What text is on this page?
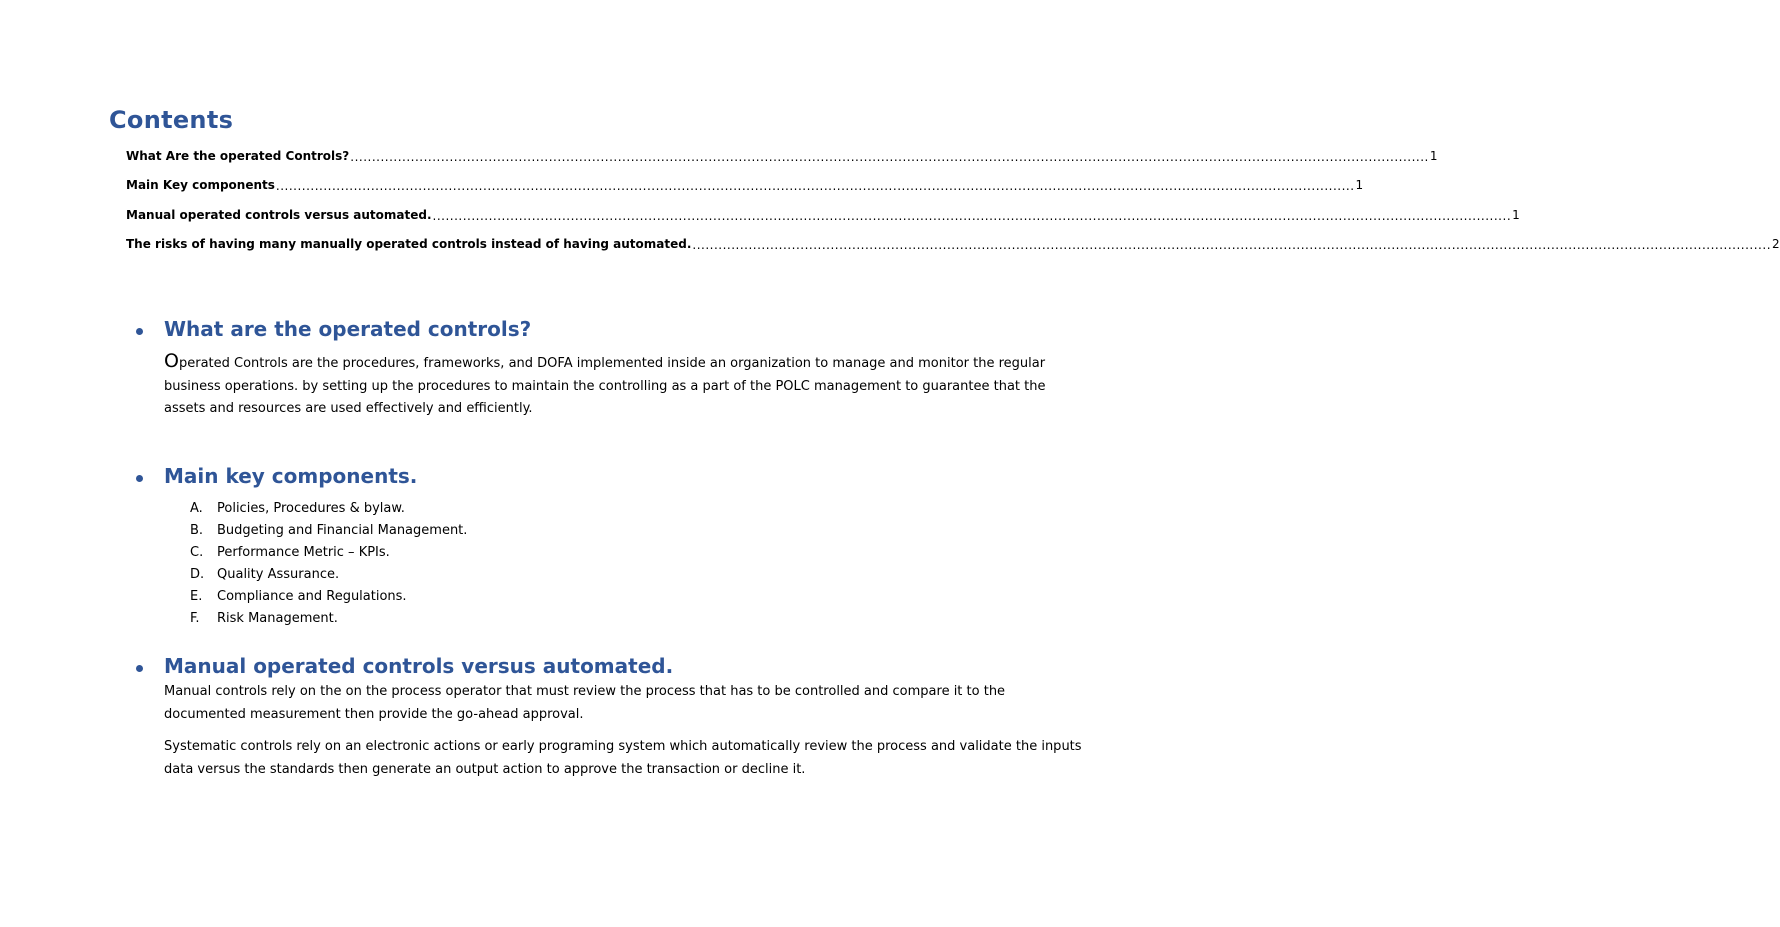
Contents
What Are the operated Controls? .......................................................................................................................................................................................................................................................... 1
Main Key components .......................................................................................................................................................................................................................................................... 1
Manual operated controls versus automated. .......................................................................................................................................................................................................................................................... 1
The risks of having many manually operated controls instead of having automated. .......................................................................................................................................................................................................................................................... 2
What are the operated controls?

Operated Controls are the procedures, frameworks, and DOFA implemented inside an organization to manage and monitor the regular
business operations. by setting up the procedures to maintain the controlling as a part of the POLC management to guarantee that the
assets and resources are used effectively and efficiently.

Main key components.
A.	Policies, Procedures & bylaw.
B.	Budgeting and Financial Management.
C.	Performance Metric – KPIs.
D. Quality Assurance.
E.	Compliance and Regulations.
F.	Risk Management.
Manual operated controls versus automated.

Manual controls rely on the on the process operator that must review the process that has to be controlled and compare it to the
documented measurement then provide the go-ahead approval.

Systematic controls rely on an electronic actions or early programing system which automatically review the process and validate the inputs
data versus the standards then generate an output action to approve the transaction or decline it.
